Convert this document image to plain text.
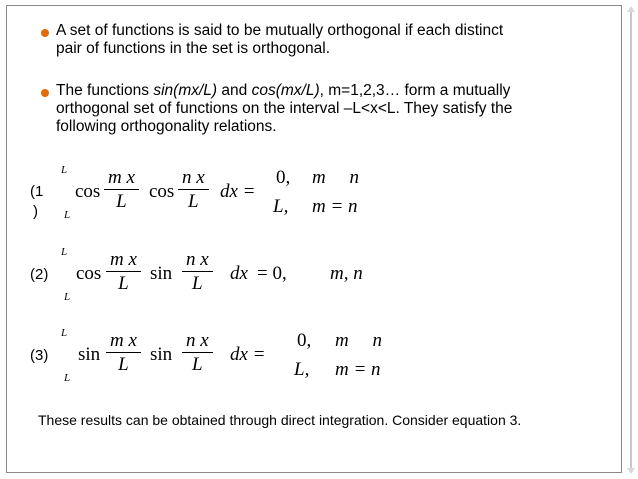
A set of functions is said to be mutually orthogonal if each distinct
pair of functions in the set is orthogonal.
The functions sin(mx/L) and cos(mx/L), m=1,2,3… form a mutually
orthogonal set of functions on the interval –L<x<L. They satisfy the
following orthogonality relations.
(1
)
L
L
cos
m x
L	cos
n x
L	dx =
0, m     n
L, m = n
(2)
L
L
cos
m x
L	sin
n x
L	dx = 0, m, n
(3)
L
L
sin
m x
L	sin
n x
L	dx =
0, m     n
L, m = n
These results can be obtained through direct integration. Consider equation 3.
